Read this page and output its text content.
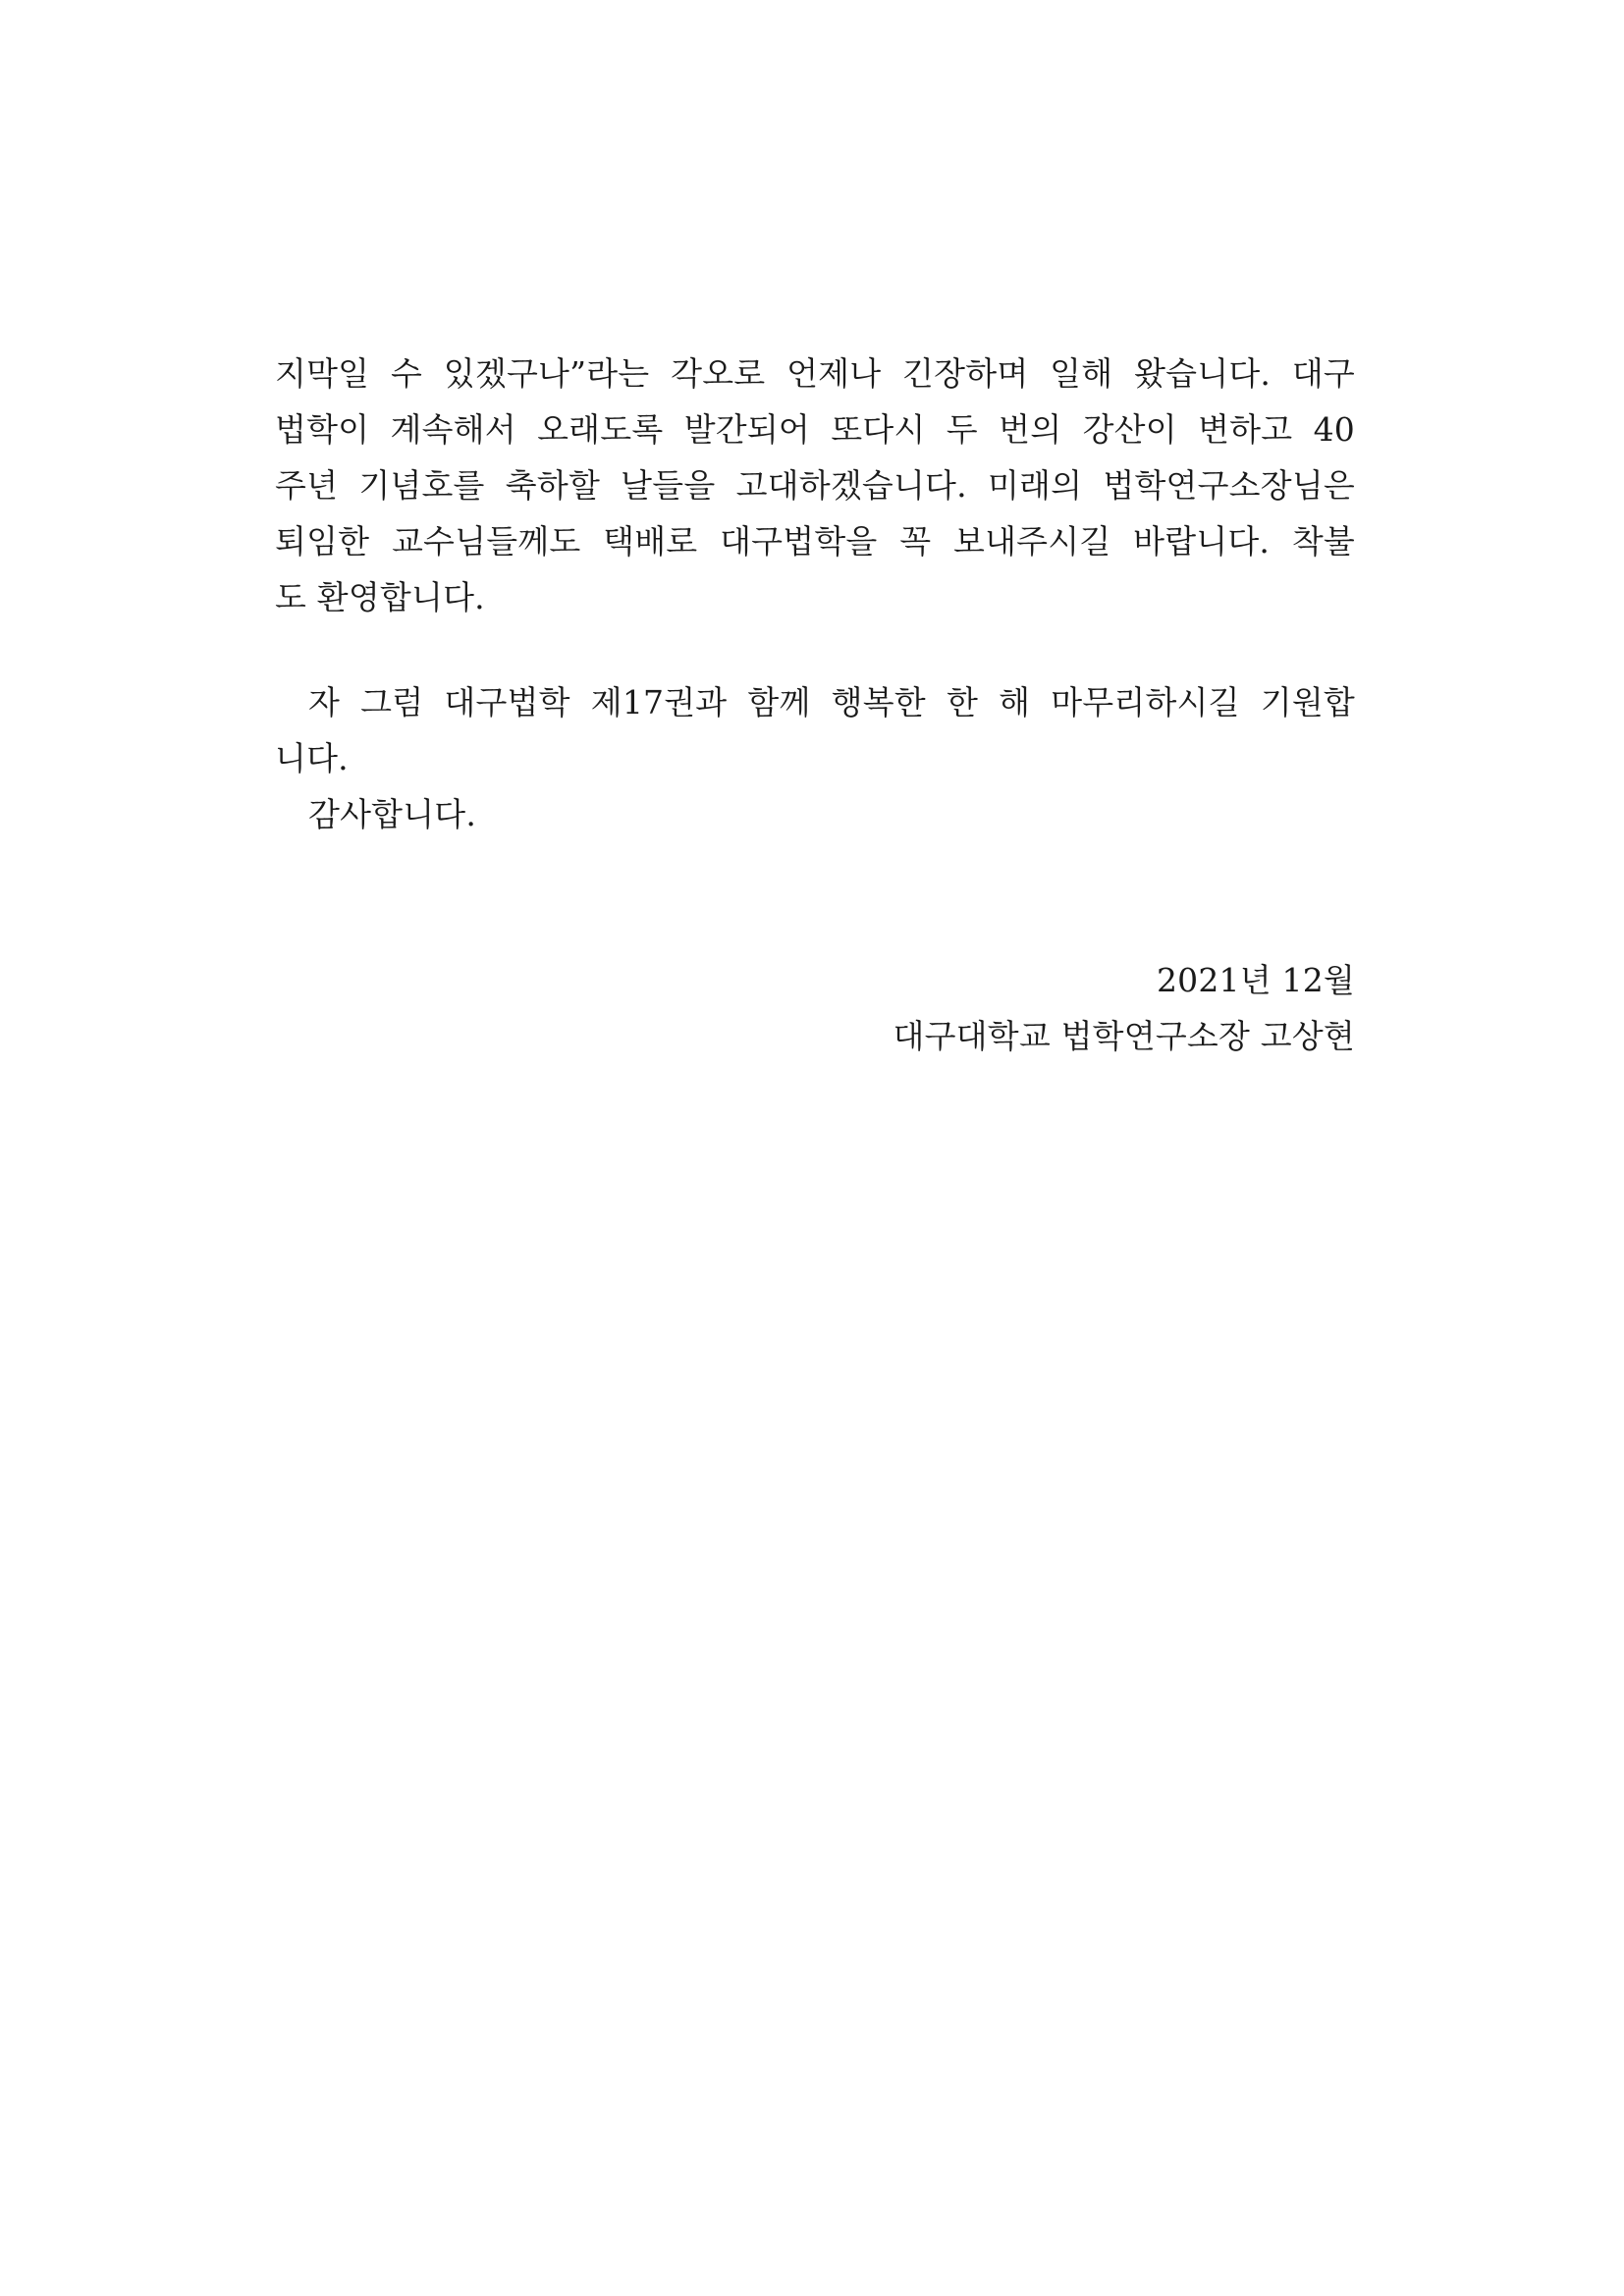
지막일 수 있겠구나”라는 각오로 언제나 긴장하며 일해 왔습니다. 대구
법학이 계속해서 오래도록 발간되어 또다시 두 번의 강산이 변하고 40
주년 기념호를 축하할 날들을 고대하겠습니다. 미래의 법학연구소장님은
퇴임한 교수님들께도 택배로 대구법학을 꼭 보내주시길 바랍니다. 착불
도 환영합니다.
자 그럼 대구법학 제17권과 함께 행복한 한 해 마무리하시길 기원합
니다.
감사합니다.
2021년 12월
대구대학교 법학연구소장 고상현
